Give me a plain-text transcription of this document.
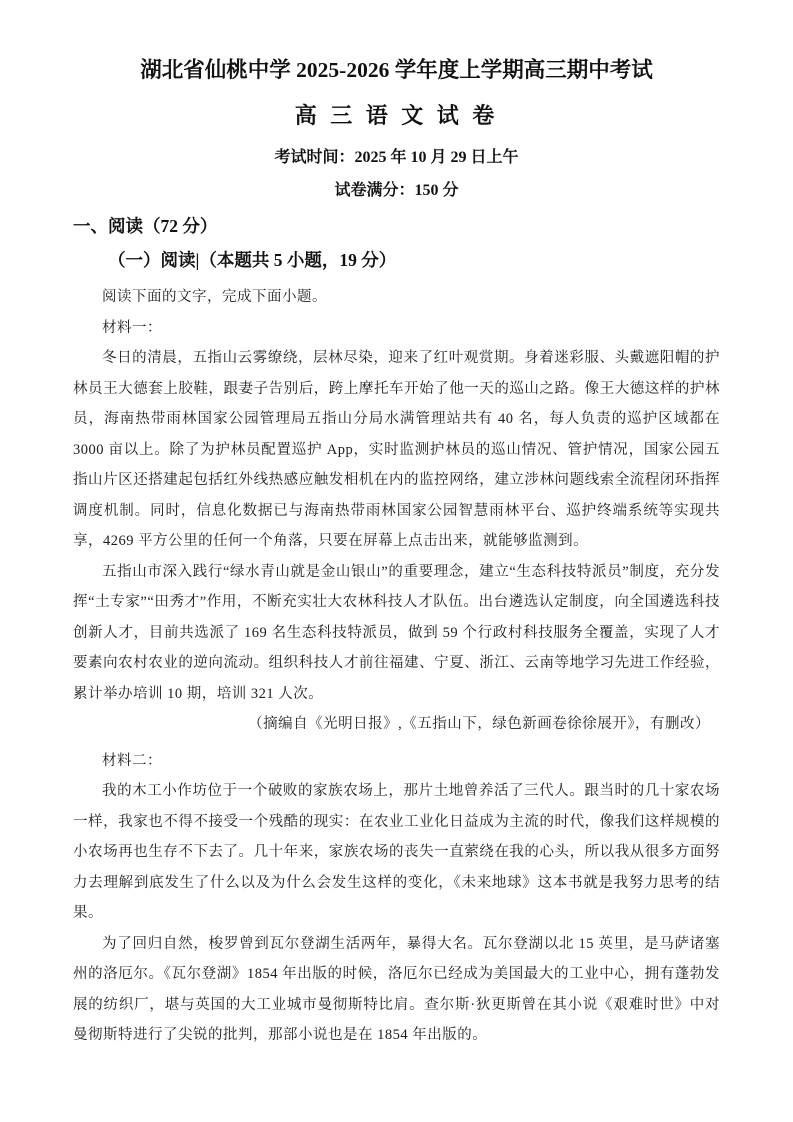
湖北省仙桃中学 2025-2026 学年度上学期高三期中考试
高 三 语 文 试 卷
考试时间：2025 年 10 月 29 日上午
试卷满分：150 分
一、阅读（72 分）
（一）阅读|（本题共 5 小题，19 分）
阅读下面的文字，完成下面小题。
材料一：

冬日的清晨，五指山云雾缭绕，层林尽染，迎来了红叶观赏期。身着迷彩服、头戴遮阳帽的护林员王大德套上胶鞋，跟妻子告别后，跨上摩托车开始了他一天的巡山之路。像王大德这样的护林员，海南热带雨林国家公园管理局五指山分局水满管理站共有 40 名，每人负责的巡护区域都在 3000 亩以上。除了为护林员配置巡护 App，实时监测护林员的巡山情况、管护情况，国家公园五指山片区还搭建起包括红外线热感应触发相机在内的监控网络，建立涉林问题线索全流程闭环指挥调度机制。同时，信息化数据已与海南热带雨林国家公园智慧雨林平台、巡护终端系统等实现共享，4269 平方公里的任何一个角落，只要在屏幕上点击出来，就能够监测到。

五指山市深入践行“绿水青山就是金山银山”的重要理念，建立“生态科技特派员”制度，充分发挥“土专家”“田秀才”作用，不断充实壮大农林科技人才队伍。出台遴选认定制度，向全国遴选科技创新人才，目前共选派了 169 名生态科技特派员，做到 59 个行政村科技服务全覆盖，实现了人才要素向农村农业的逆向流动。组织科技人才前往福建、宁夏、浙江、云南等地学习先进工作经验，累计举办培训 10 期，培训 321 人次。

（摘编自《光明日报》,《五指山下，绿色新画卷徐徐展开》，有删改）

材料二：

我的木工小作坊位于一个破败的家族农场上，那片土地曾养活了三代人。跟当时的几十家农场一样，我家也不得不接受一个残酷的现实：在农业工业化日益成为主流的时代，像我们这样规模的小农场再也生存不下去了。几十年来，家族农场的丧失一直萦绕在我的心头，所以我从很多方面努力去理解到底发生了什么以及为什么会发生这样的变化，《未来地球》这本书就是我努力思考的结果。

为了回归自然，梭罗曾到瓦尔登湖生活两年，暴得大名。瓦尔登湖以北 15 英里，是马萨诸塞州的洛厄尔。《瓦尔登湖》1854 年出版的时候，洛厄尔已经成为美国最大的工业中心，拥有蓬勃发展的纺织厂，堪与英国的大工业城市曼彻斯特比肩。查尔斯·狄更斯曾在其小说《艰难时世》中对曼彻斯特进行了尖锐的批判，那部小说也是在 1854 年出版的。
